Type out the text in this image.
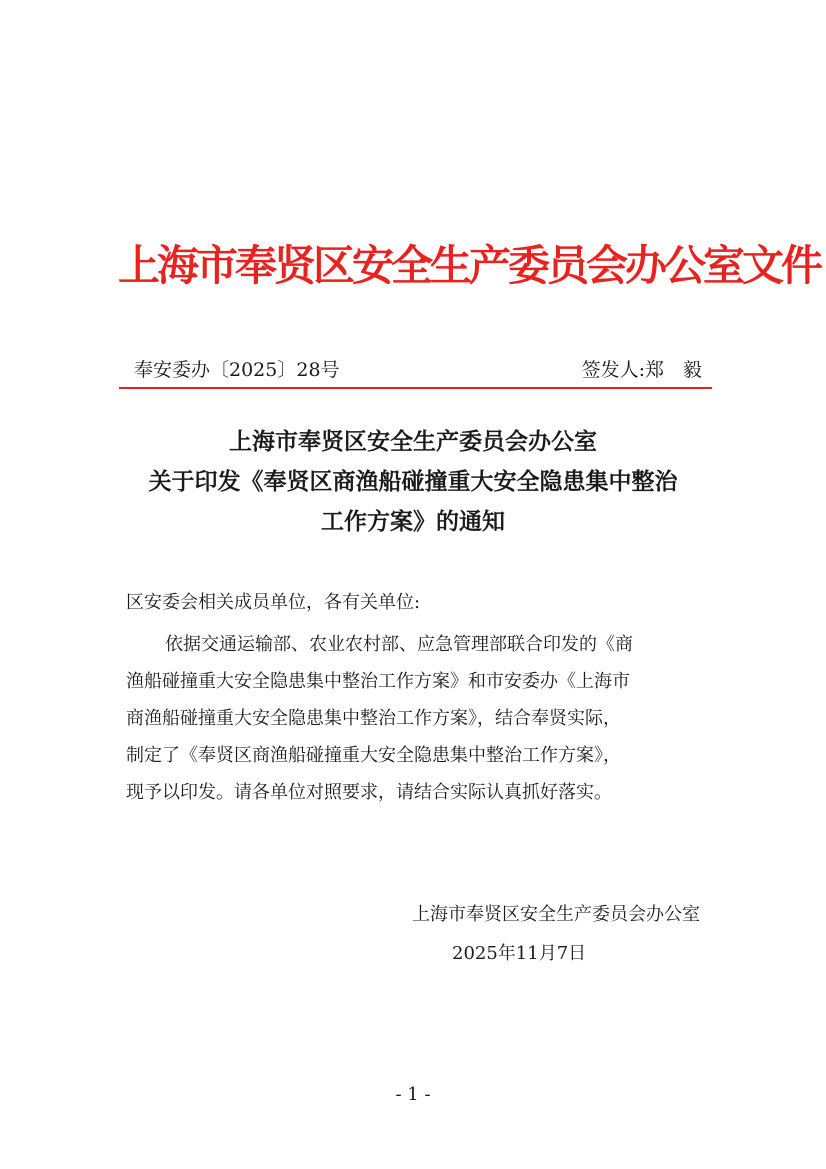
上海市奉贤区安全生产委员会办公室文件
奉安委办〔2025〕28号	签发人:郑　毅
上海市奉贤区安全生产委员会办公室
关于印发《奉贤区商渔船碰撞重大安全隐患集中整治
工作方案》的通知
区安委会相关成员单位，各有关单位:
依据交通运输部、农业农村部、应急管理部联合印发的《商
渔船碰撞重大安全隐患集中整治工作方案》和市安委办《上海市
商渔船碰撞重大安全隐患集中整治工作方案》，结合奉贤实际，
制定了《奉贤区商渔船碰撞重大安全隐患集中整治工作方案》，
现予以印发。请各单位对照要求，请结合实际认真抓好落实。
上海市奉贤区安全生产委员会办公室
2025年11月7日
- 1 -
